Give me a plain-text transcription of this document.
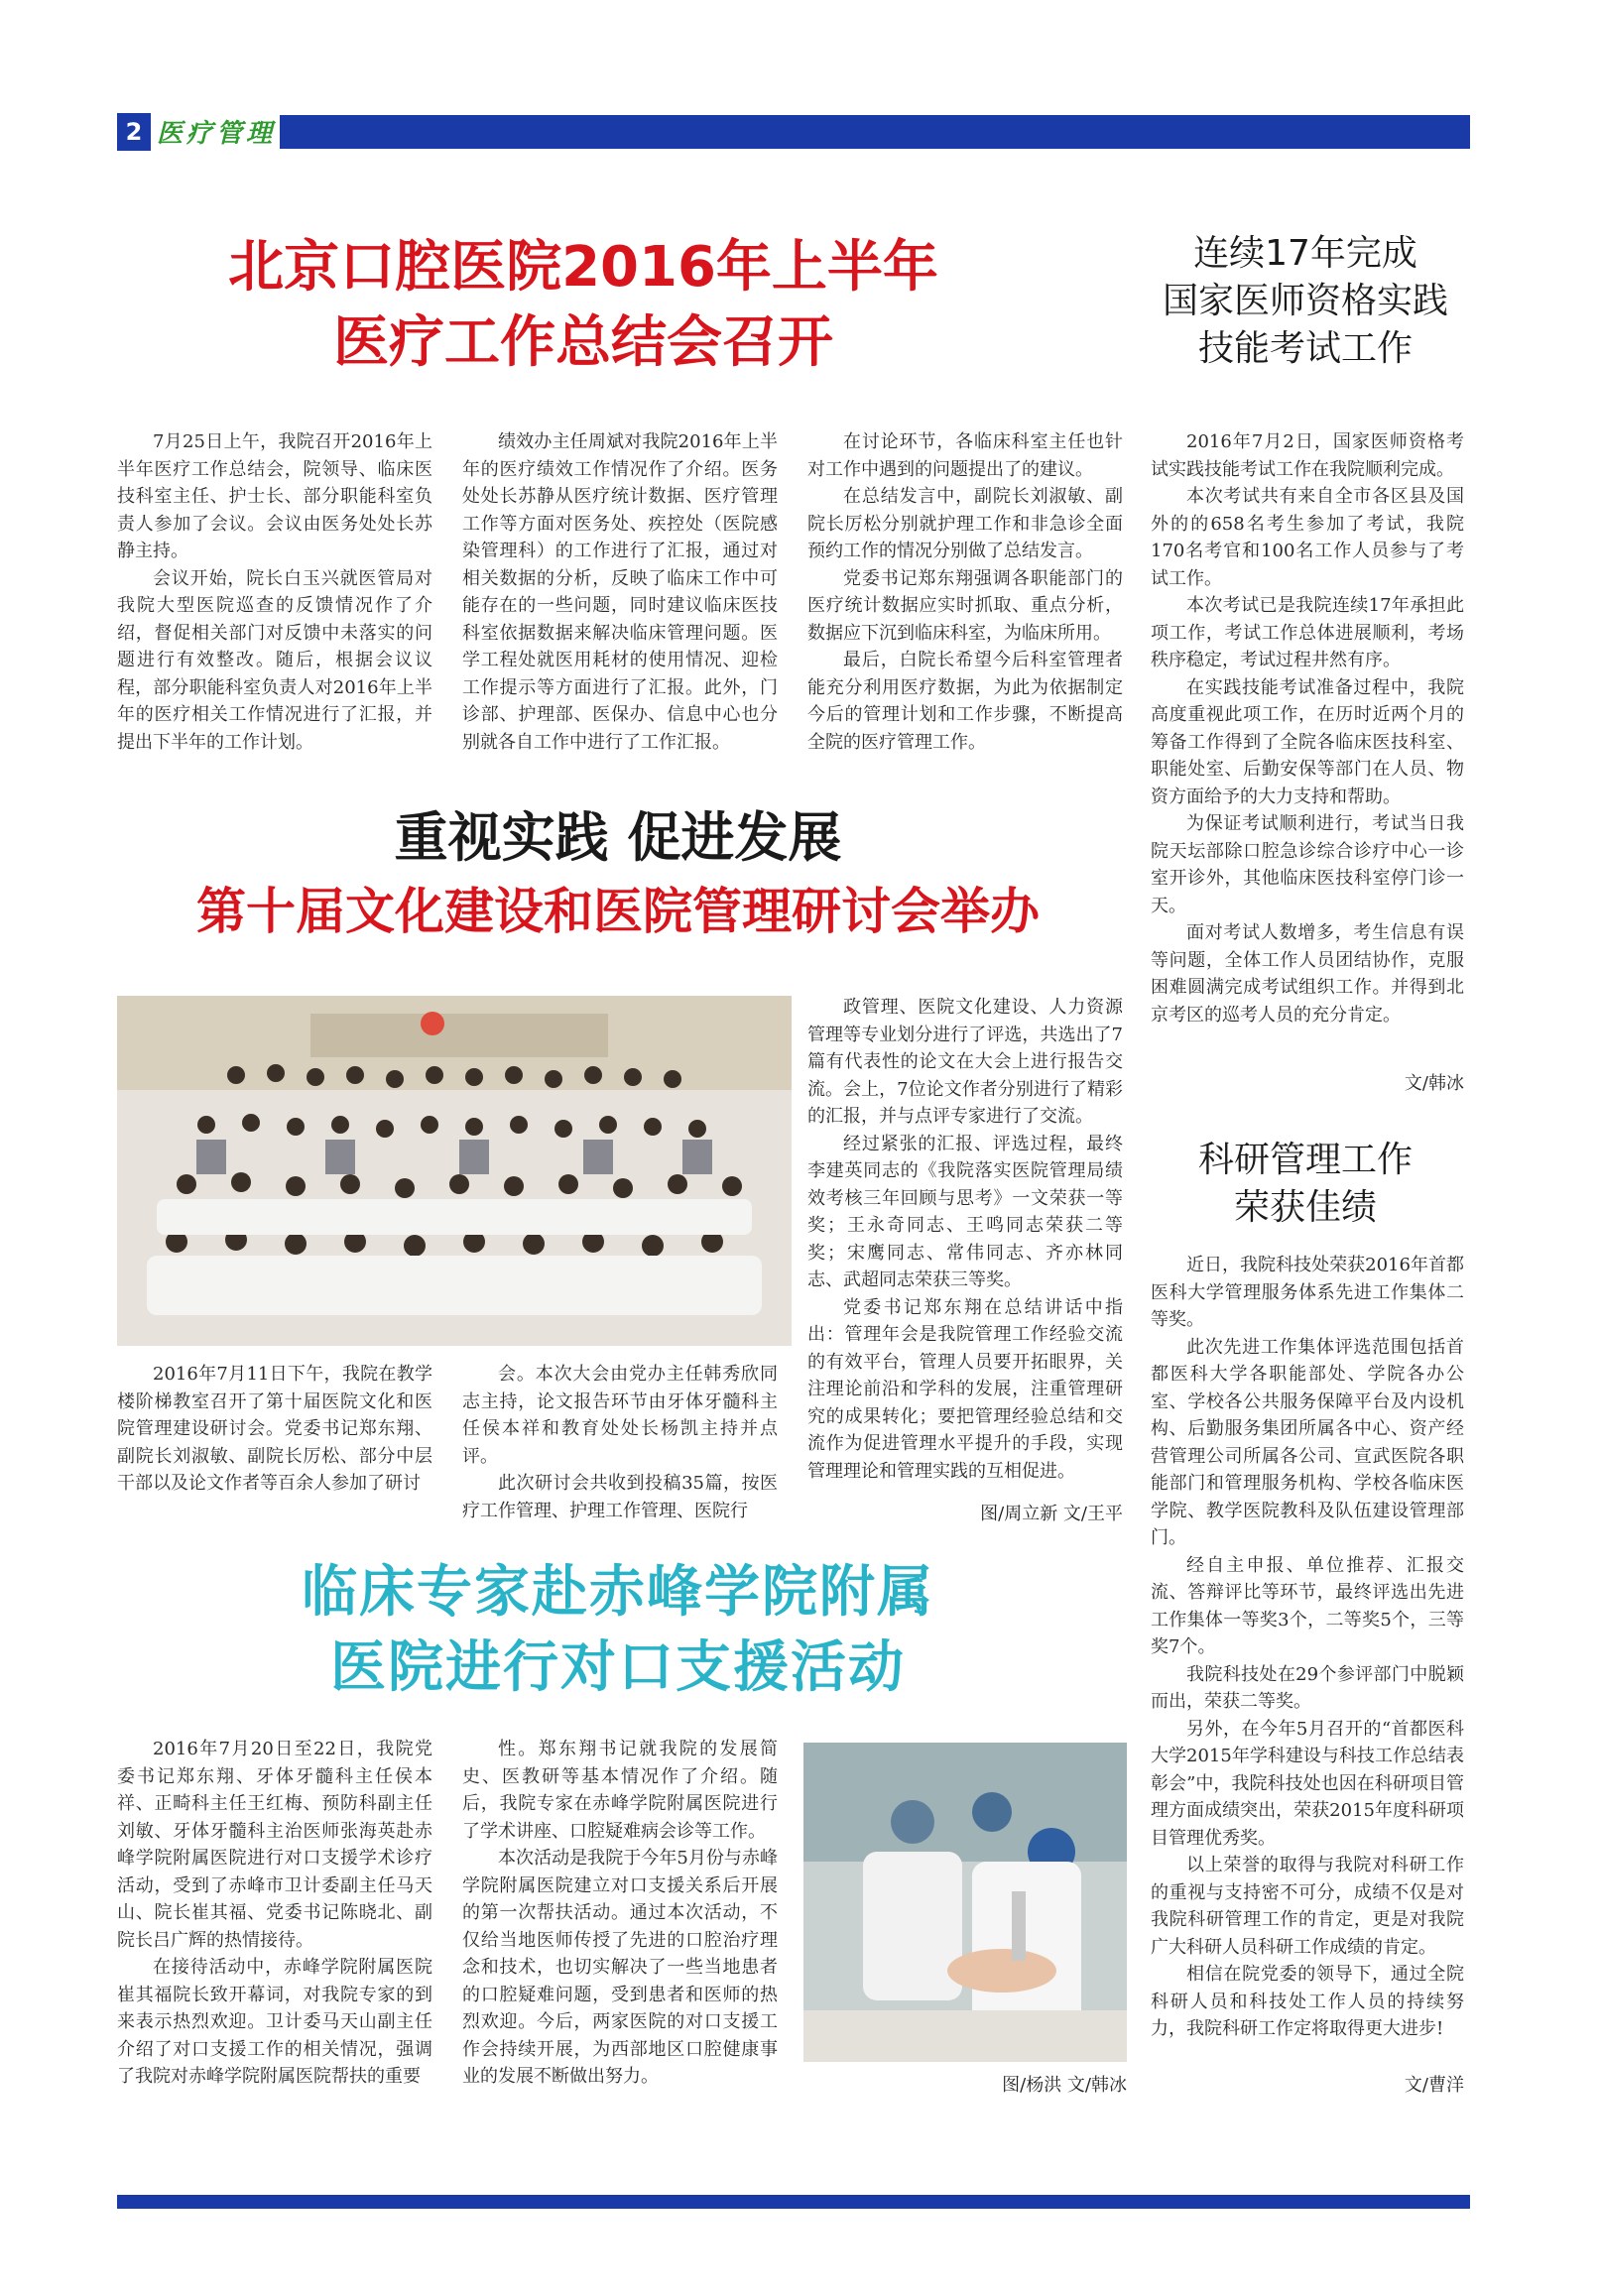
2 医疗管理
北京口腔医院2016年上半年
医疗工作总结会召开

7月25日上午，我院召开2016年上半年医疗工作总结会，院领导、临床医技科室主任、护士长、部分职能科室负责人参加了会议。会议由医务处处长苏静主持。

会议开始，院长白玉兴就医管局对我院大型医院巡查的反馈情况作了介绍，督促相关部门对反馈中未落实的问题进行有效整改。随后，根据会议议程，部分职能科室负责人对2016年上半年的医疗相关工作情况进行了汇报，并提出下半年的工作计划。

绩效办主任周斌对我院2016年上半年的医疗绩效工作情况作了介绍。医务处处长苏静从医疗统计数据、医疗管理工作等方面对医务处、疾控处（医院感染管理科）的工作进行了汇报，通过对相关数据的分析，反映了临床工作中可能存在的一些问题，同时建议临床医技科室依据数据来解决临床管理问题。医学工程处就医用耗材的使用情况、迎检工作提示等方面进行了汇报。此外，门诊部、护理部、医保办、信息中心也分别就各自工作中进行了工作汇报。

在讨论环节，各临床科室主任也针对工作中遇到的问题提出了的建议。

在总结发言中，副院长刘淑敏、副院长厉松分别就护理工作和非急诊全面预约工作的情况分别做了总结发言。

党委书记郑东翔强调各职能部门的医疗统计数据应实时抓取、重点分析，数据应下沉到临床科室，为临床所用。

最后，白院长希望今后科室管理者能充分利用医疗数据，为此为依据制定今后的管理计划和工作步骤，不断提高全院的医疗管理工作。

重视实践 促进发展
第十届文化建设和医院管理研讨会举办

政管理、医院文化建设、人力资源管理等专业划分进行了评选，共选出了7篇有代表性的论文在大会上进行报告交流。会上，7位论文作者分别进行了精彩的汇报，并与点评专家进行了交流。

经过紧张的汇报、评选过程，最终李建英同志的《我院落实医院管理局绩效考核三年回顾与思考》一文荣获一等奖；王永奇同志、王鸣同志荣获二等奖；宋鹰同志、常伟同志、齐亦林同志、武超同志荣获三等奖。

党委书记郑东翔在总结讲话中指出：管理年会是我院管理工作经验交流的有效平台，管理人员要开拓眼界，关注理论前沿和学科的发展，注重管理研究的成果转化；要把管理经验总结和交流作为促进管理水平提升的手段，实现管理理论和管理实践的互相促进。

2016年7月11日下午，我院在教学楼阶梯教室召开了第十届医院文化和医院管理建设研讨会。党委书记郑东翔、副院长刘淑敏、副院长厉松、部分中层干部以及论文作者等百余人参加了研讨

会。本次大会由党办主任韩秀欣同志主持，论文报告环节由牙体牙髓科主任侯本祥和教育处处长杨凯主持并点评。

此次研讨会共收到投稿35篇，按医疗工作管理、护理工作管理、医院行	图/周立新 文/王平
临床专家赴赤峰学院附属
医院进行对口支援活动

2016年7月20日至22日，我院党委书记郑东翔、牙体牙髓科主任侯本祥、正畸科主任王红梅、预防科副主任刘敏、牙体牙髓科主治医师张海英赴赤峰学院附属医院进行对口支援学术诊疗活动，受到了赤峰市卫计委副主任马天山、院长崔其福、党委书记陈晓北、副院长吕广辉的热情接待。

在接待活动中，赤峰学院附属医院崔其福院长致开幕词，对我院专家的到来表示热烈欢迎。卫计委马天山副主任介绍了对口支援工作的相关情况，强调了我院对赤峰学院附属医院帮扶的重要

性。郑东翔书记就我院的发展简史、医教研等基本情况作了介绍。随后，我院专家在赤峰学院附属医院进行了学术讲座、口腔疑难病会诊等工作。

本次活动是我院于今年5月份与赤峰学院附属医院建立对口支援关系后开展的第一次帮扶活动。通过本次活动，不仅给当地医师传授了先进的口腔治疗理念和技术，也切实解决了一些当地患者的口腔疑难问题，受到患者和医师的热烈欢迎。今后，两家医院的对口支援工作会持续开展，为西部地区口腔健康事业的发展不断做出努力。	图/杨洪 文/韩冰
连续17年完成
国家医师资格实践
技能考试工作

2016年7月2日，国家医师资格考试实践技能考试工作在我院顺利完成。

本次考试共有来自全市各区县及国外的的658名考生参加了考试，我院170名考官和100名工作人员参与了考试工作。

本次考试已是我院连续17年承担此项工作，考试工作总体进展顺利，考场秩序稳定，考试过程井然有序。

在实践技能考试准备过程中，我院高度重视此项工作，在历时近两个月的筹备工作得到了全院各临床医技科室、职能处室、后勤安保等部门在人员、物资方面给予的大力支持和帮助。

为保证考试顺利进行，考试当日我院天坛部除口腔急诊综合诊疗中心一诊室开诊外，其他临床医技科室停门诊一天。

面对考试人数增多，考生信息有误等问题，全体工作人员团结协作，克服困难圆满完成考试组织工作。并得到北京考区的巡考人员的充分肯定。

文/韩冰
科研管理工作
荣获佳绩

近日，我院科技处荣获2016年首都医科大学管理服务体系先进工作集体二等奖。

此次先进工作集体评选范围包括首都医科大学各职能部处、学院各办公室、学校各公共服务保障平台及内设机构、后勤服务集团所属各中心、资产经营管理公司所属各公司、宣武医院各职能部门和管理服务机构、学校各临床医学院、教学医院教科及队伍建设管理部门。

经自主申报、单位推荐、汇报交流、答辩评比等环节，最终评选出先进工作集体一等奖3个，二等奖5个，三等奖7个。

我院科技处在29个参评部门中脱颖而出，荣获二等奖。

另外，在今年5月召开的“首都医科大学2015年学科建设与科技工作总结表彰会”中，我院科技处也因在科研项目管理方面成绩突出，荣获2015年度科研项目管理优秀奖。

以上荣誉的取得与我院对科研工作的重视与支持密不可分，成绩不仅是对我院科研管理工作的肯定，更是对我院广大科研人员科研工作成绩的肯定。

相信在院党委的领导下，通过全院科研人员和科技处工作人员的持续努力，我院科研工作定将取得更大进步!

文/曹洋
